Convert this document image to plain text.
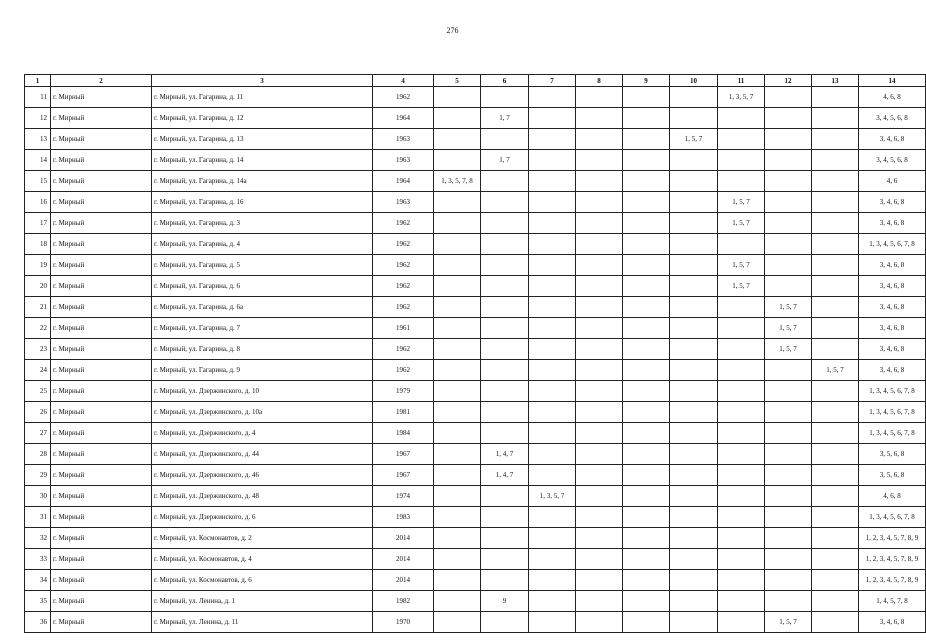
276
1	2	3	4	5	6	7	8	9	10	11	12	13	14
11	г. Мирный	г. Мирный, ул. Гагарина, д. 11	1962							1, 3, 5, 7			4, 6, 8
12	г. Мирный	г. Мирный, ул. Гагарина, д. 12	1964		1, 7								3, 4, 5, 6, 8
13	г. Мирный	г. Мирный, ул. Гагарина, д. 13	1963						1, 5, 7				3, 4, 6, 8
14	г. Мирный	г. Мирный, ул. Гагарина, д. 14	1963		1, 7								3, 4, 5, 6, 8
15	г. Мирный	г. Мирный, ул. Гагарина, д. 14а	1964	1, 3, 5, 7, 8									4, 6
16	г. Мирный	г. Мирный, ул. Гагарина, д. 16	1963							1, 5, 7			3, 4, 6, 8
17	г. Мирный	г. Мирный, ул. Гагарина, д. 3	1962							1, 5, 7			3, 4, 6, 8
18	г. Мирный	г. Мирный, ул. Гагарина, д. 4	1962										1, 3, 4, 5, 6, 7, 8
19	г. Мирный	г. Мирный, ул. Гагарина, д. 5	1962							1, 5, 7			3, 4, 6, 8
20	г. Мирный	г. Мирный, ул. Гагарина, д. 6	1962							1, 5, 7			3, 4, 6, 8
21	г. Мирный	г. Мирный, ул. Гагарина, д. 6а	1962								1, 5, 7		3, 4, 6, 8
22	г. Мирный	г. Мирный, ул. Гагарина, д. 7	1961								1, 5, 7		3, 4, 6, 8
23	г. Мирный	г. Мирный, ул. Гагарина, д. 8	1962								1, 5, 7		3, 4, 6, 8
24	г. Мирный	г. Мирный, ул. Гагарина, д. 9	1962									1, 5, 7	3, 4, 6, 8
25	г. Мирный	г. Мирный, ул. Дзержинского, д. 10	1979										1, 3, 4, 5, 6, 7, 8
26	г. Мирный	г. Мирный, ул. Дзержинского, д. 10а	1981										1, 3, 4, 5, 6, 7, 8
27	г. Мирный	г. Мирный, ул. Дзержинского, д. 4	1984										1, 3, 4, 5, 6, 7, 8
28	г. Мирный	г. Мирный, ул. Дзержинского, д. 44	1967		1, 4, 7								3, 5, 6, 8
29	г. Мирный	г. Мирный, ул. Дзержинского, д. 46	1967		1, 4, 7								3, 5, 6, 8
30	г. Мирный	г. Мирный, ул. Дзержинского, д. 48	1974			1, 3, 5, 7							4, 6, 8
31	г. Мирный	г. Мирный, ул. Дзержинского, д. 6	1983										1, 3, 4, 5, 6, 7, 8
32	г. Мирный	г. Мирный, ул. Космонавтов, д. 2	2014										1, 2, 3, 4, 5, 7, 8, 9
33	г. Мирный	г. Мирный, ул. Космонавтов, д. 4	2014										1, 2, 3, 4, 5, 7, 8, 9
34	г. Мирный	г. Мирный, ул. Космонавтов, д. 6	2014										1, 2, 3, 4, 5, 7, 8, 9
35	г. Мирный	г. Мирный, ул. Ленина, д. 1	1982		9								1, 4, 5, 7, 8
36	г. Мирный	г. Мирный, ул. Ленина, д. 11	1970								1, 5, 7		3, 4, 6, 8
